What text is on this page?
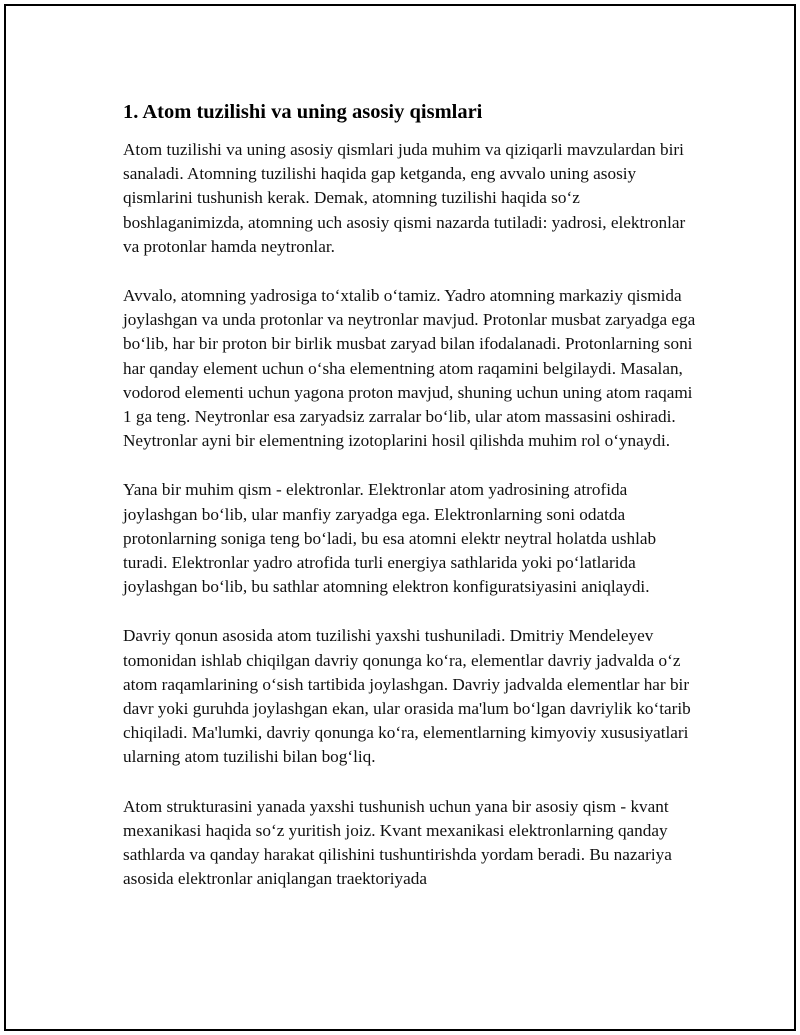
1. Atom tuzilishi va uning asosiy qismlari

Atom tuzilishi va uning asosiy qismlari juda muhim va qiziqarli mavzulardan biri sanaladi. Atomning tuzilishi haqida gap ketganda, eng avvalo uning asosiy qismlarini tushunish kerak. Demak, atomning tuzilishi haqida soʻz boshlaganimizda, atomning uch asosiy qismi nazarda tutiladi: yadrosi, elektronlar va protonlar hamda neytronlar.

Avvalo, atomning yadrosiga toʻxtalib oʻtamiz. Yadro atomning markaziy qismida joylashgan va unda protonlar va neytronlar mavjud. Protonlar musbat zaryadga ega boʻlib, har bir proton bir birlik musbat zaryad bilan ifodalanadi. Protonlarning soni har qanday element uchun oʻsha elementning atom raqamini belgilaydi. Masalan, vodorod elementi uchun yagona proton mavjud, shuning uchun uning atom raqami 1 ga teng. Neytronlar esa zaryadsiz zarralar boʻlib, ular atom massasini oshiradi. Neytronlar ayni bir elementning izotoplarini hosil qilishda muhim rol oʻynaydi.

Yana bir muhim qism - elektronlar. Elektronlar atom yadrosining atrofida joylashgan boʻlib, ular manfiy zaryadga ega. Elektronlarning soni odatda protonlarning soniga teng boʻladi, bu esa atomni elektr neytral holatda ushlab turadi. Elektronlar yadro atrofida turli energiya sathlarida yoki poʻlatlarida joylashgan boʻlib, bu sathlar atomning elektron konfiguratsiyasini aniqlaydi.

Davriy qonun asosida atom tuzilishi yaxshi tushuniladi. Dmitriy Mendeleyev tomonidan ishlab chiqilgan davriy qonunga koʻra, elementlar davriy jadvalda oʻz atom raqamlarining oʻsish tartibida joylashgan. Davriy jadvalda elementlar har bir davr yoki guruhda joylashgan ekan, ular orasida ma'lum boʻlgan davriylik koʻtarib chiqiladi. Ma'lumki, davriy qonunga koʻra, elementlarning kimyoviy xususiyatlari ularning atom tuzilishi bilan bogʻliq.

Atom strukturasini yanada yaxshi tushunish uchun yana bir asosiy qism - kvant mexanikasi haqida soʻz yuritish joiz. Kvant mexanikasi elektronlarning qanday sathlarda va qanday harakat qilishini tushuntirishda yordam beradi. Bu nazariya asosida elektronlar aniqlangan traektoriyada
